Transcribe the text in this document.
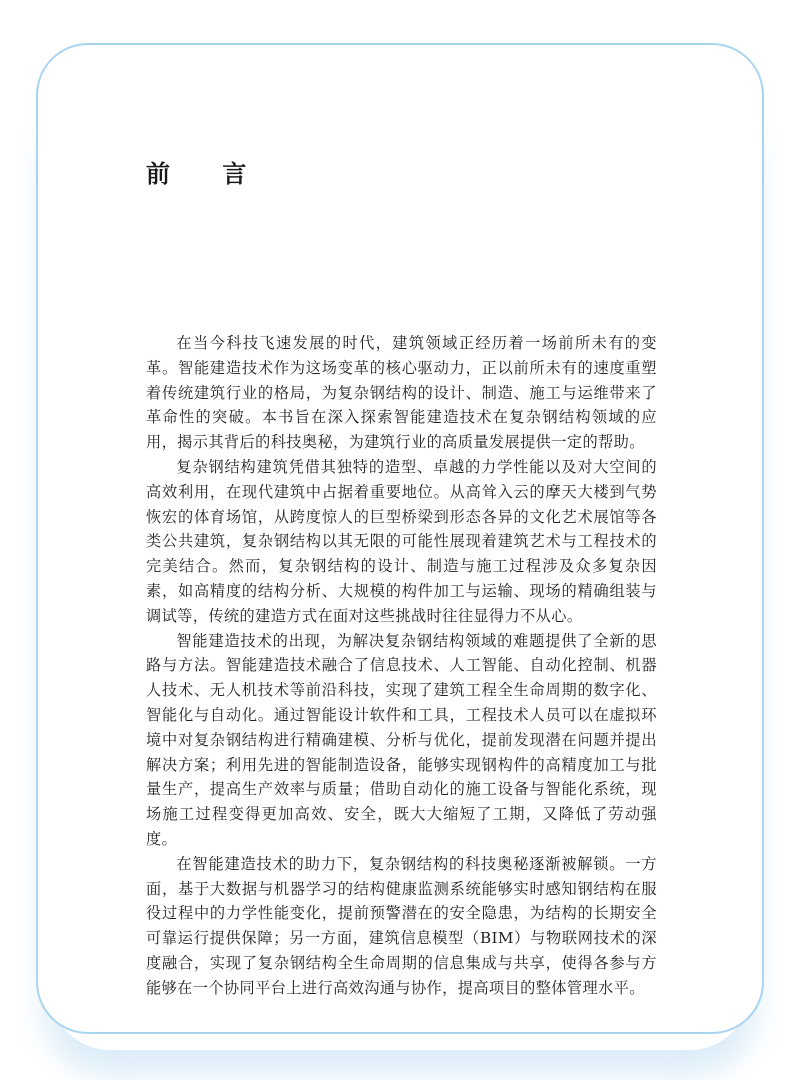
前 言

在当今科技飞速发展的时代，建筑领域正经历着一场前所未有的变革。智能建造技术作为这场变革的核心驱动力，正以前所未有的速度重塑着传统建筑行业的格局，为复杂钢结构的设计、制造、施工与运维带来了革命性的突破。本书旨在深入探索智能建造技术在复杂钢结构领域的应用，揭示其背后的科技奥秘，为建筑行业的高质量发展提供一定的帮助。

复杂钢结构建筑凭借其独特的造型、卓越的力学性能以及对大空间的高效利用，在现代建筑中占据着重要地位。从高耸入云的摩天大楼到气势恢宏的体育场馆，从跨度惊人的巨型桥梁到形态各异的文化艺术展馆等各类公共建筑，复杂钢结构以其无限的可能性展现着建筑艺术与工程技术的完美结合。然而，复杂钢结构的设计、制造与施工过程涉及众多复杂因素，如高精度的结构分析、大规模的构件加工与运输、现场的精确组装与调试等，传统的建造方式在面对这些挑战时往往显得力不从心。

智能建造技术的出现，为解决复杂钢结构领域的难题提供了全新的思路与方法。智能建造技术融合了信息技术、人工智能、自动化控制、机器人技术、无人机技术等前沿科技，实现了建筑工程全生命周期的数字化、智能化与自动化。通过智能设计软件和工具，工程技术人员可以在虚拟环境中对复杂钢结构进行精确建模、分析与优化，提前发现潜在问题并提出解决方案；利用先进的智能制造设备，能够实现钢构件的高精度加工与批量生产，提高生产效率与质量；借助自动化的施工设备与智能化系统，现场施工过程变得更加高效、安全，既大大缩短了工期，又降低了劳动强度。

在智能建造技术的助力下，复杂钢结构的科技奥秘逐渐被解锁。一方面，基于大数据与机器学习的结构健康监测系统能够实时感知钢结构在服役过程中的力学性能变化，提前预警潜在的安全隐患，为结构的长期安全可靠运行提供保障；另一方面，建筑信息模型（BIM）与物联网技术的深度融合，实现了复杂钢结构全生命周期的信息集成与共享，使得各参与方能够在一个协同平台上进行高效沟通与协作，提高项目的整体管理水平。
